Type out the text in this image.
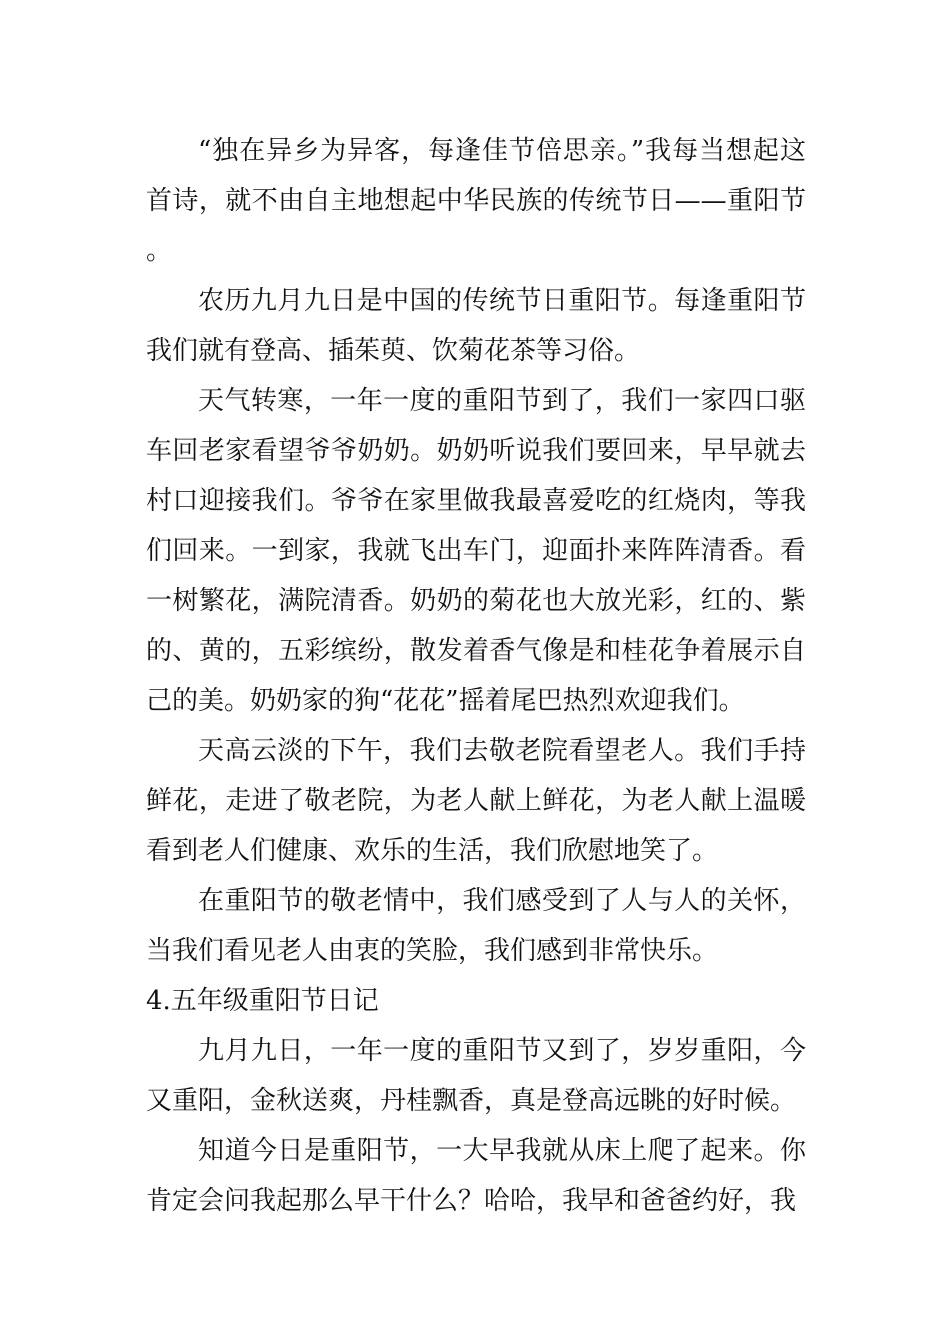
“独在异乡为异客，每逢佳节倍思亲。”我每当想起这首诗，就不由自主地想起中华民族的传统节日——重阳节。

农历九月九日是中国的传统节日重阳节。每逢重阳节我们就有登高、插茱萸、饮菊花茶等习俗。

天气转寒，一年一度的重阳节到了，我们一家四口驱车回老家看望爷爷奶奶。奶奶听说我们要回来，早早就去村口迎接我们。爷爷在家里做我最喜爱吃的红烧肉，等我们回来。一到家，我就飞出车门，迎面扑来阵阵清香。看一树繁花，满院清香。奶奶的菊花也大放光彩，红的、紫的、黄的，五彩缤纷，散发着香气像是和桂花争着展示自己的美。奶奶家的狗“花花”摇着尾巴热烈欢迎我们。

天高云淡的下午，我们去敬老院看望老人。我们手持鲜花，走进了敬老院，为老人献上鲜花，为老人献上温暖看到老人们健康、欢乐的生活，我们欣慰地笑了。

在重阳节的敬老情中，我们感受到了人与人的关怀，当我们看见老人由衷的笑脸，我们感到非常快乐。

4.五年级重阳节日记

九月九日，一年一度的重阳节又到了，岁岁重阳，今又重阳，金秋送爽，丹桂飘香，真是登高远眺的好时候。

知道今日是重阳节，一大早我就从床上爬了起来。你肯定会问我起那么早干什么？哈哈，我早和爸爸约好，我
